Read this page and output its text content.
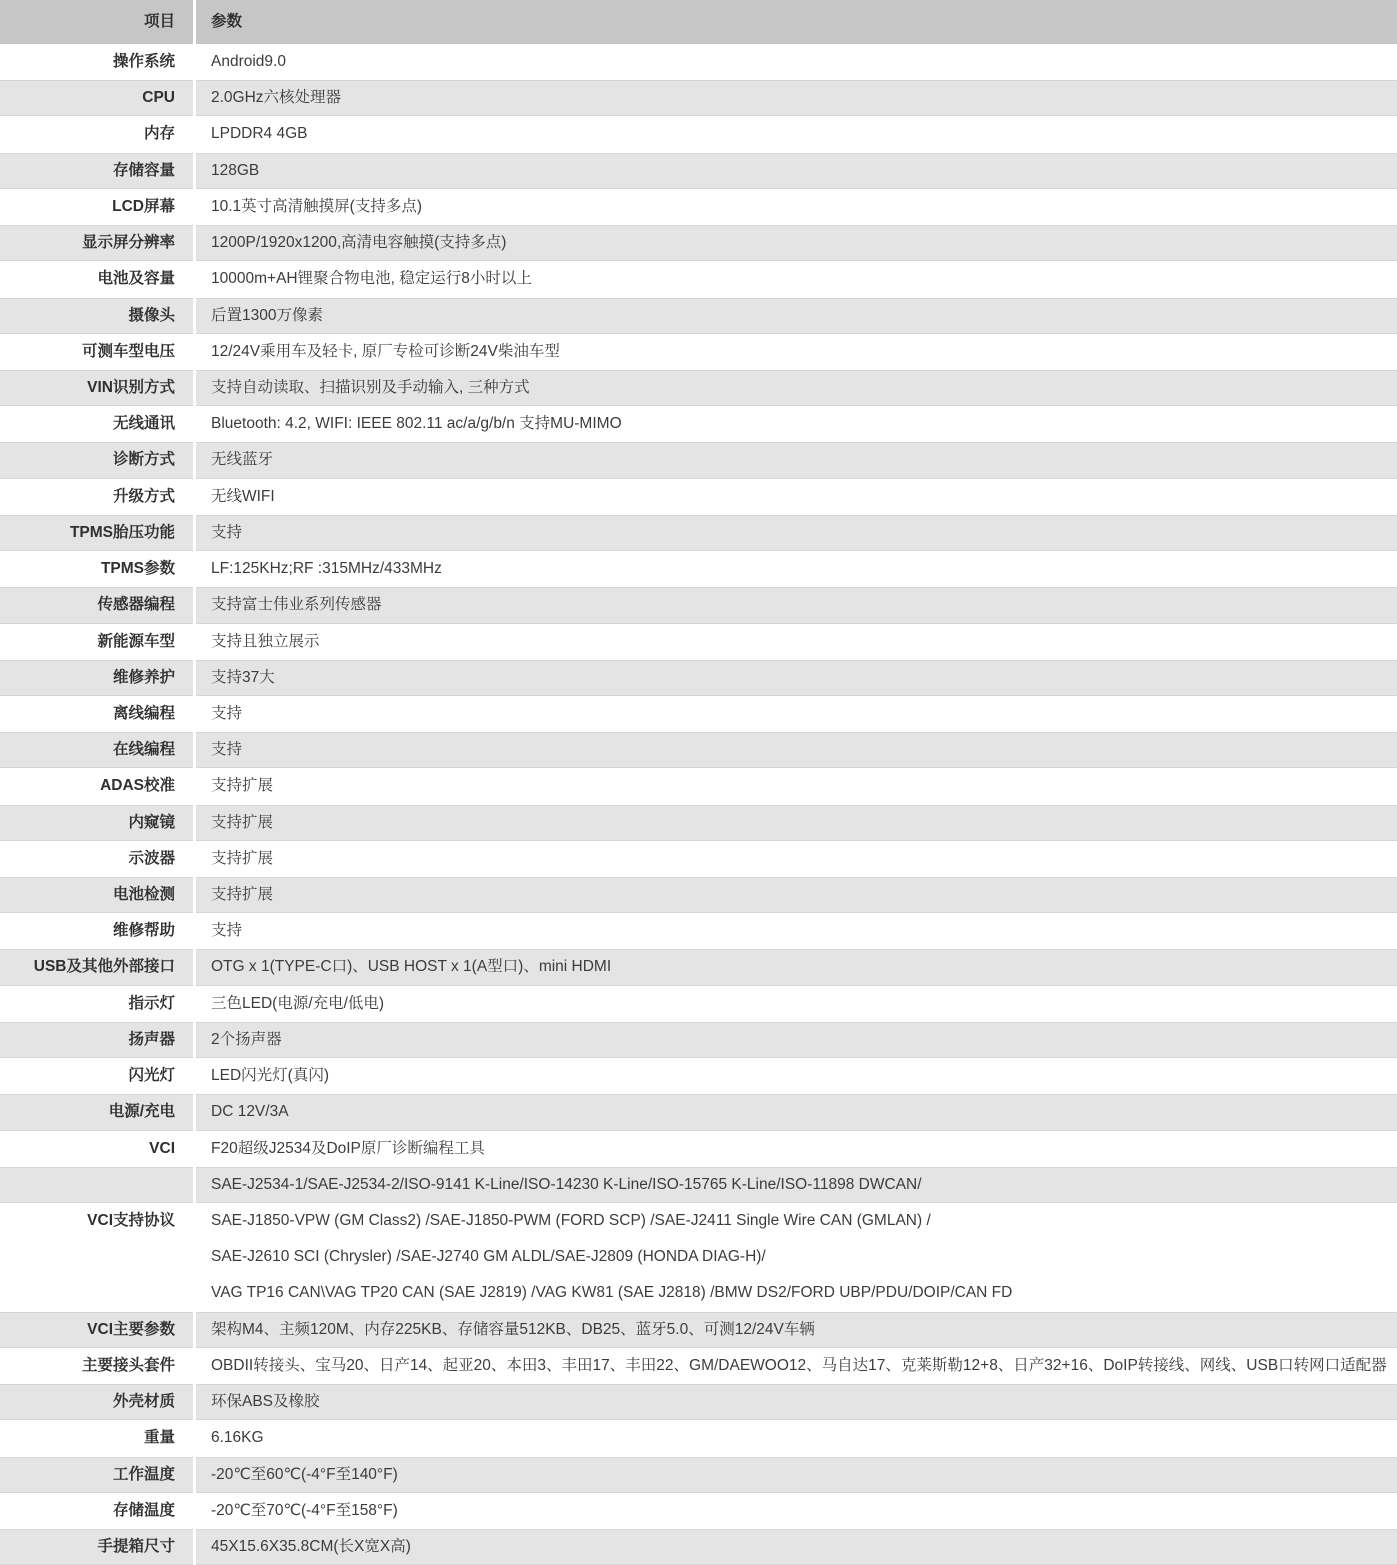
项目 参数
操作系统 Android9.0
CPU 2.0GHz六核处理器
内存 LPDDR4 4GB
存储容量 128GB
LCD屏幕 10.1英寸高清触摸屏(支持多点)
显示屏分辨率 1200P/1920x1200,高清电容触摸(支持多点)
电池及容量 10000m+AH锂聚合物电池, 稳定运行8小时以上
摄像头 后置1300万像素
可测车型电压 12/24V乘用车及轻卡, 原厂专检可诊断24V柴油车型
VIN识别方式 支持自动读取、扫描识别及手动输入, 三种方式
无线通讯 Bluetooth: 4.2, WIFI: IEEE 802.11 ac/a/g/b/n 支持MU-MIMO
诊断方式 无线蓝牙
升级方式 无线WIFI
TPMS胎压功能 支持
TPMS参数 LF:125KHz;RF :315MHz/433MHz
传感器编程 支持富士伟业系列传感器
新能源车型 支持且独立展示
维修养护 支持37大
离线编程 支持
在线编程 支持
ADAS校准 支持扩展
内窥镜 支持扩展
示波器 支持扩展
电池检测 支持扩展
维修帮助 支持
USB及其他外部接口 OTG x 1(TYPE-C口)、USB HOST x 1(A型口)、mini HDMI
指示灯 三色LED(电源/充电/低电)
扬声器 2个扬声器
闪光灯 LED闪光灯(真闪)
电源/充电 DC 12V/3A
VCI F20超级J2534及DoIP原厂诊断编程工具
SAE-J2534-1/SAE-J2534-2/ISO-9141 K-Line/ISO-14230 K-Line/ISO-15765 K-Line/ISO-11898 DWCAN/
VCI支持协议 SAE-J1850-VPW (GM Class2) /SAE-J1850-PWM (FORD SCP) /SAE-J2411 Single Wire CAN (GMLAN) /
SAE-J2610 SCI (Chrysler) /SAE-J2740 GM ALDL/SAE-J2809 (HONDA DIAG-H)/
VAG TP16 CAN\VAG TP20 CAN (SAE J2819) /VAG KW81 (SAE J2818) /BMW DS2/FORD UBP/PDU/DOIP/CAN FD
VCI主要参数 架构M4、主频120M、内存225KB、存储容量512KB、DB25、蓝牙5.0、可测12/24V车辆
主要接头套件 OBDII转接头、宝马20、日产14、起亚20、本田3、丰田17、丰田22、GM/DAEWOO12、马自达17、克莱斯勒12+8、日产32+16、DoIP转接线、网线、USB口转网口适配器
外壳材质 环保ABS及橡胶
重量 6.16KG
工作温度 -20℃至60℃(-4°F至140°F)
存储温度 -20℃至70℃(-4°F至158°F)
手提箱尺寸 45X15.6X35.8CM(长X宽X高)
